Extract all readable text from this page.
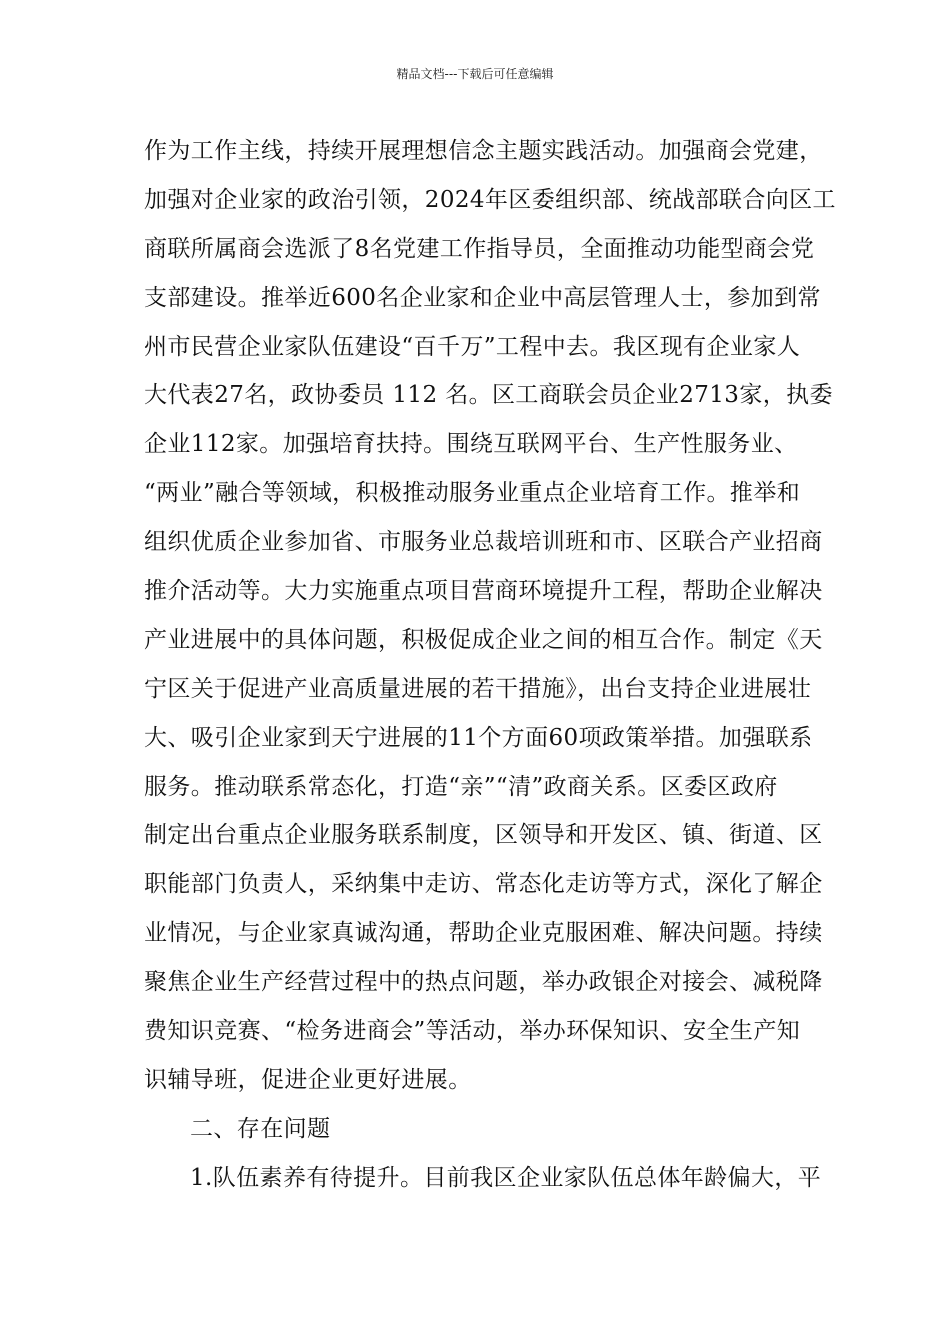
精品文档---下载后可任意编辑
作为工作主线，持续开展理想信念主题实践活动。加强商会党建，
加强对企业家的政治引领，2024年区委组织部、统战部联合向区工
商联所属商会选派了8名党建工作指导员，全面推动功能型商会党
支部建设。推举近600名企业家和企业中高层管理人士，参加到常
州市民营企业家队伍建设“百千万”工程中去。我区现有企业家人
大代表27名，政协委员 112 名。区工商联会员企业2713家，执委
企业112家。加强培育扶持。围绕互联网平台、生产性服务业、
“两业”融合等领域，积极推动服务业重点企业培育工作。推举和
组织优质企业参加省、市服务业总裁培训班和市、区联合产业招商
推介活动等。大力实施重点项目营商环境提升工程，帮助企业解决
产业进展中的具体问题，积极促成企业之间的相互合作。制定《天
宁区关于促进产业高质量进展的若干措施》，出台支持企业进展壮
大、吸引企业家到天宁进展的11个方面60项政策举措。加强联系
服务。推动联系常态化，打造“亲”“清”政商关系。区委区政府
制定出台重点企业服务联系制度，区领导和开发区、镇、街道、区
职能部门负责人，采纳集中走访、常态化走访等方式，深化了解企
业情况，与企业家真诚沟通，帮助企业克服困难、解决问题。持续
聚焦企业生产经营过程中的热点问题，举办政银企对接会、减税降
费知识竞赛、“检务进商会”等活动，举办环保知识、安全生产知
识辅导班，促进企业更好进展。
二、存在问题
1.队伍素养有待提升。目前我区企业家队伍总体年龄偏大，平
